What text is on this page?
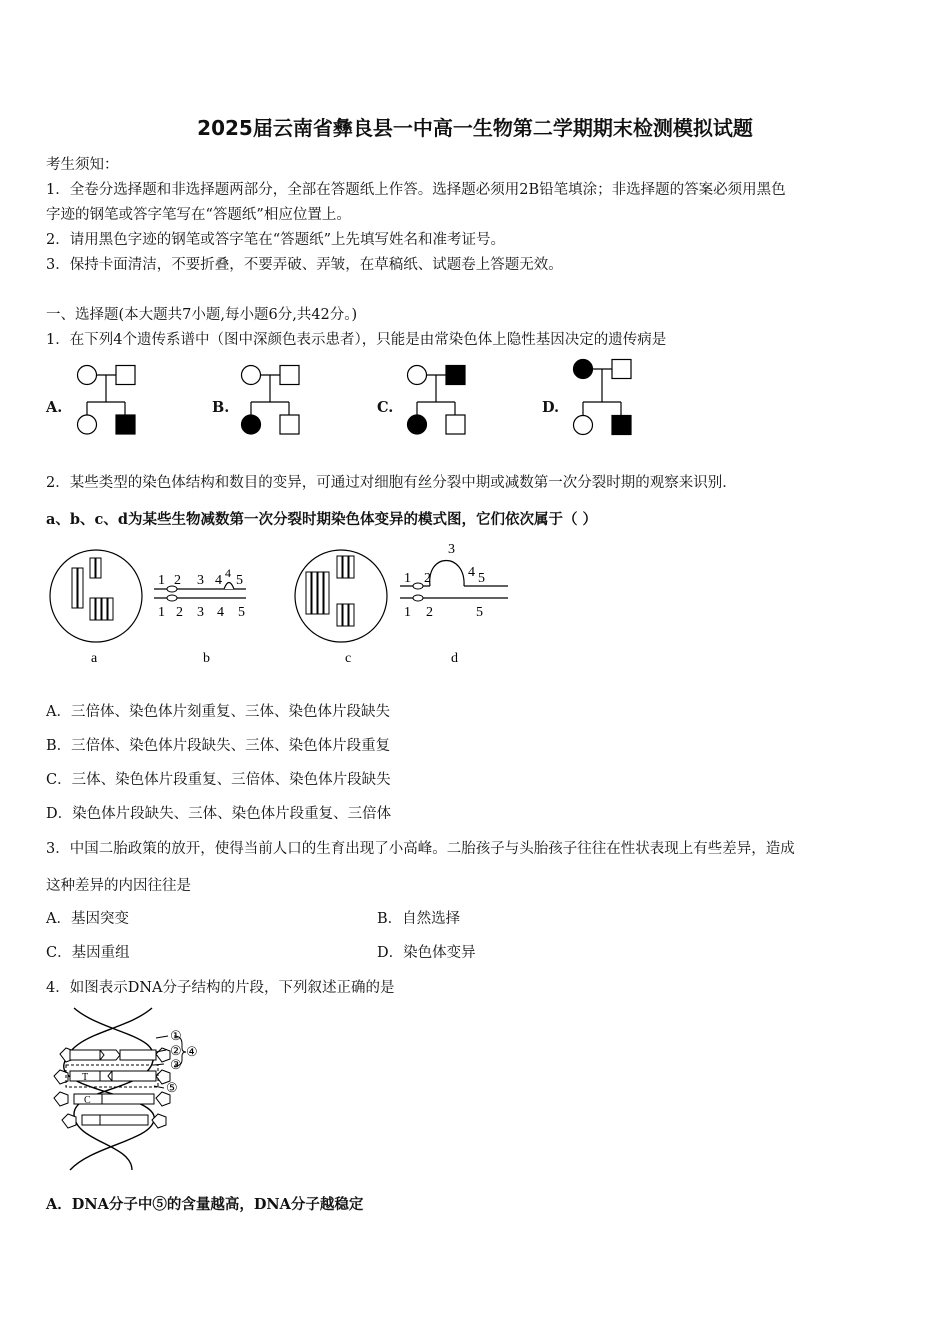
2025届云南省彝良县一中高一生物第二学期期末检测模拟试题
考生须知：
1．全卷分选择题和非选择题两部分，全部在答题纸上作答。选择题必须用2B铅笔填涂；非选择题的答案必须用黑色
字迹的钢笔或答字笔写在“答题纸”相应位置上。
2．请用黑色字迹的钢笔或答字笔在“答题纸”上先填写姓名和准考证号。
3．保持卡面清洁，不要折叠，不要弄破、弄皱，在草稿纸、试题卷上答题无效。
一、选择题(本大题共7小题,每小题6分,共42分。)
1．在下列4个遗传系谱中（图中深颜色表示患者），只能是由常染色体上隐性基因决定的遗传病是
A.	B.	C.	D.
2．某些类型的染色体结构和数目的变异，可通过对细胞有丝分裂中期或减数第一次分裂时期的观察来识别．
a、b、c、d为某些生物减数第一次分裂时期染色体变异的模式图，它们依次属于（ ）
a
1 2 3 4 4 5
1 2 3 4 5
b	c
1 2
3
4 5
1 2	5
d
A．三倍体、染色体片刻重复、三体、染色体片段缺失
B．三倍体、染色体片段缺失、三体、染色体片段重复
C．三体、染色体片段重复、三倍体、染色体片段缺失
D．染色体片段缺失、三体、染色体片段重复、三倍体
3．中国二胎政策的放开，使得当前人口的生育出现了小高峰。二胎孩子与头胎孩子往往在性状表现上有些差异，造成
这种差异的内因往往是
A．基因突变	B．自然选择
C．基因重组	D．染色体变异
4．如图表示DNA分子结构的片段，下列叙述正确的是
T
C
①
②
③
④
⑤
A．DNA分子中⑤的含量越高，DNA分子越稳定
